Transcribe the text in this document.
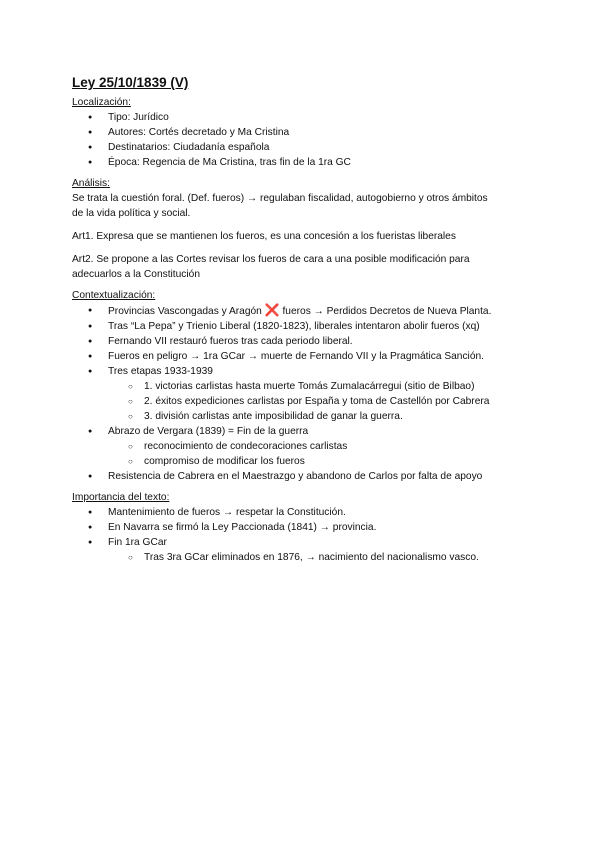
Ley 25/10/1839 (V)

Localización:

● Tipo: Jurídico
● Autores: Cortés decretado y Ma Cristina
● Destinatarios: Ciudadanía española
● Época: Regencia de Ma Cristina, tras fin de la 1ra GC

Análisis:

Se trata la cuestión foral. (Def. fueros) → regulaban fiscalidad, autogobierno y otros ámbitos

de la vida política y social.

Art1. Expresa que se mantienen los fueros, es una concesión a los fueristas liberales

Art2. Se propone a las Cortes revisar los fueros de cara a una posible modificación para

adecuarlos a la Constitución

Contextualización:

● Provincias Vascongadas y Aragón ❌ fueros → Perdidos Decretos de Nueva Planta.
● Tras “La Pepa” y Trienio Liberal (1820-1823), liberales intentaron abolir fueros (xq)
● Fernando VII restauró fueros tras cada periodo liberal.
● Fueros en peligro → 1ra GCar → muerte de Fernando VII y la Pragmática Sanción.
● Tres etapas 1933-1939
○ 1. victorias carlistas hasta muerte Tomás Zumalacárregui (sitio de Bilbao)
○ 2. éxitos expediciones carlistas por España y toma de Castellón por Cabrera
○ 3. división carlistas ante imposibilidad de ganar la guerra.
● Abrazo de Vergara (1839) = Fin de la guerra
○ reconocimiento de condecoraciones carlistas
○ compromiso de modificar los fueros
● Resistencia de Cabrera en el Maestrazgo y abandono de Carlos por falta de apoyo

Importancia del texto:

● Mantenimiento de fueros → respetar la Constitución.
● En Navarra se firmó la Ley Paccionada (1841) → provincia.
● Fin 1ra GCar
○ Tras 3ra GCar eliminados en 1876, → nacimiento del nacionalismo vasco.
